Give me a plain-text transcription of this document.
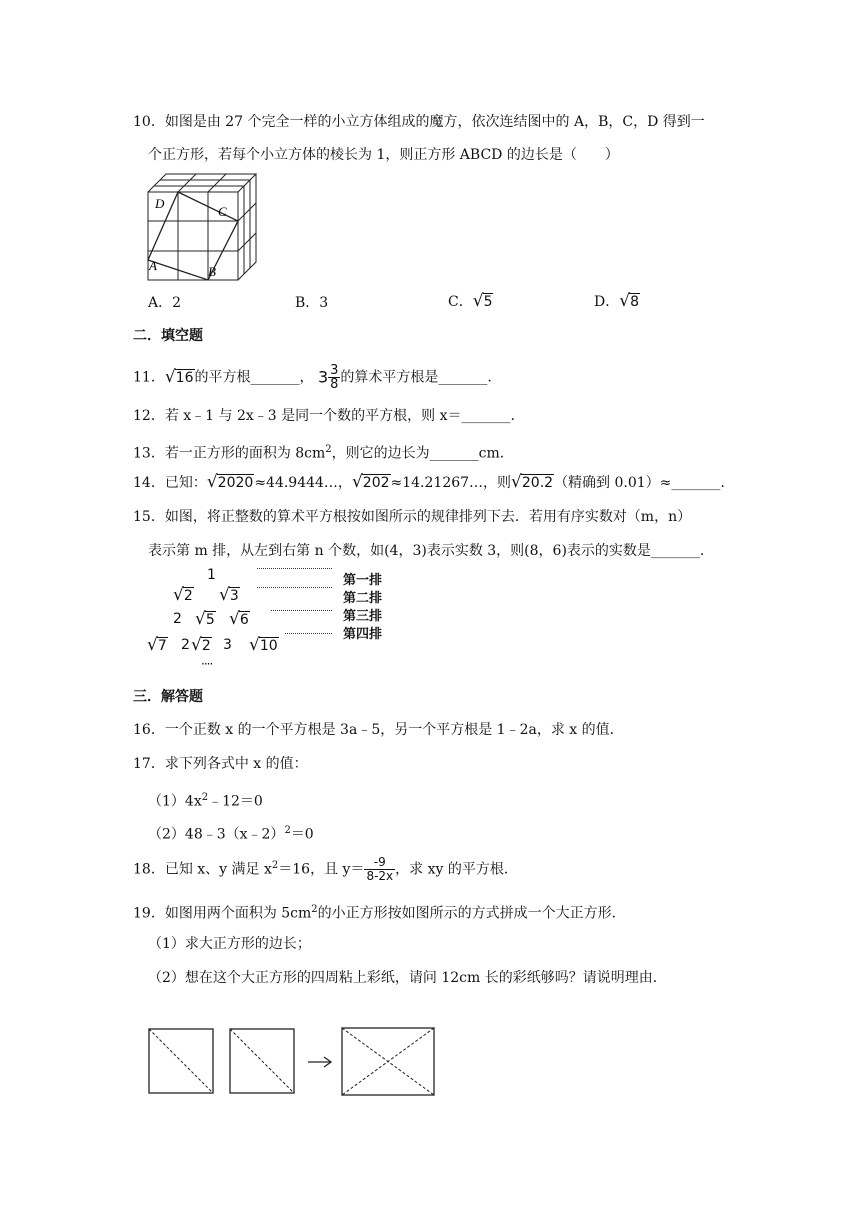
10．如图是由 27 个完全一样的小立方体组成的魔方，依次连结图中的 A，B，C，D 得到一
个正方形，若每个小立方体的棱长为 1，则正方形 ABCD 的边长是（　　）
D
C
A	B
A．2	B．3	C．√5	D．√8
二．填空题
11．√16的平方根_______， $3 \frac{3}{8}$ 的算术平方根是_______.
12．若 x﹣1 与 2x﹣3 是同一个数的平方根，则 x＝_______.
13．若一正方形的面积为 $8cm^2$，则它的边长为_______cm.
14．已知：√2020≈44.9444…，√202≈14.21267…，则√20.2（精确到 0.01）≈_______.
15．如图，将正整数的算术平方根按如图所示的规律排列下去．若用有序实数对（m，n）
表示第 m 排，从左到右第 n 个数，如(4，3)表示实数 3，则(8，6)表示的实数是_______.
1
√2 √3
2 √5 √6
√7 2 √2 3 √10
····
第一排
第二排
第三排
第四排
三．解答题
16．一个正数 x 的一个平方根是 3a﹣5，另一个平方根是 1﹣2a，求 x 的值．
17．求下列各式中 x 的值：
$(1)4x^2﹣12=0$
（2）48﹣3（x﹣2）$^2$＝0
18．已知 x、y 满足 $x^2=16$，且 $y= \frac{-9}{8-2x}$ ，求 xy 的平方根．
19．如图用两个面积为 $5cm^2$的小正方形按如图所示的方式拼成一个大正方形．
（1）求大正方形的边长；
（2）想在这个大正方形的四周粘上彩纸，请问 12cm 长的彩纸够吗？请说明理由．
